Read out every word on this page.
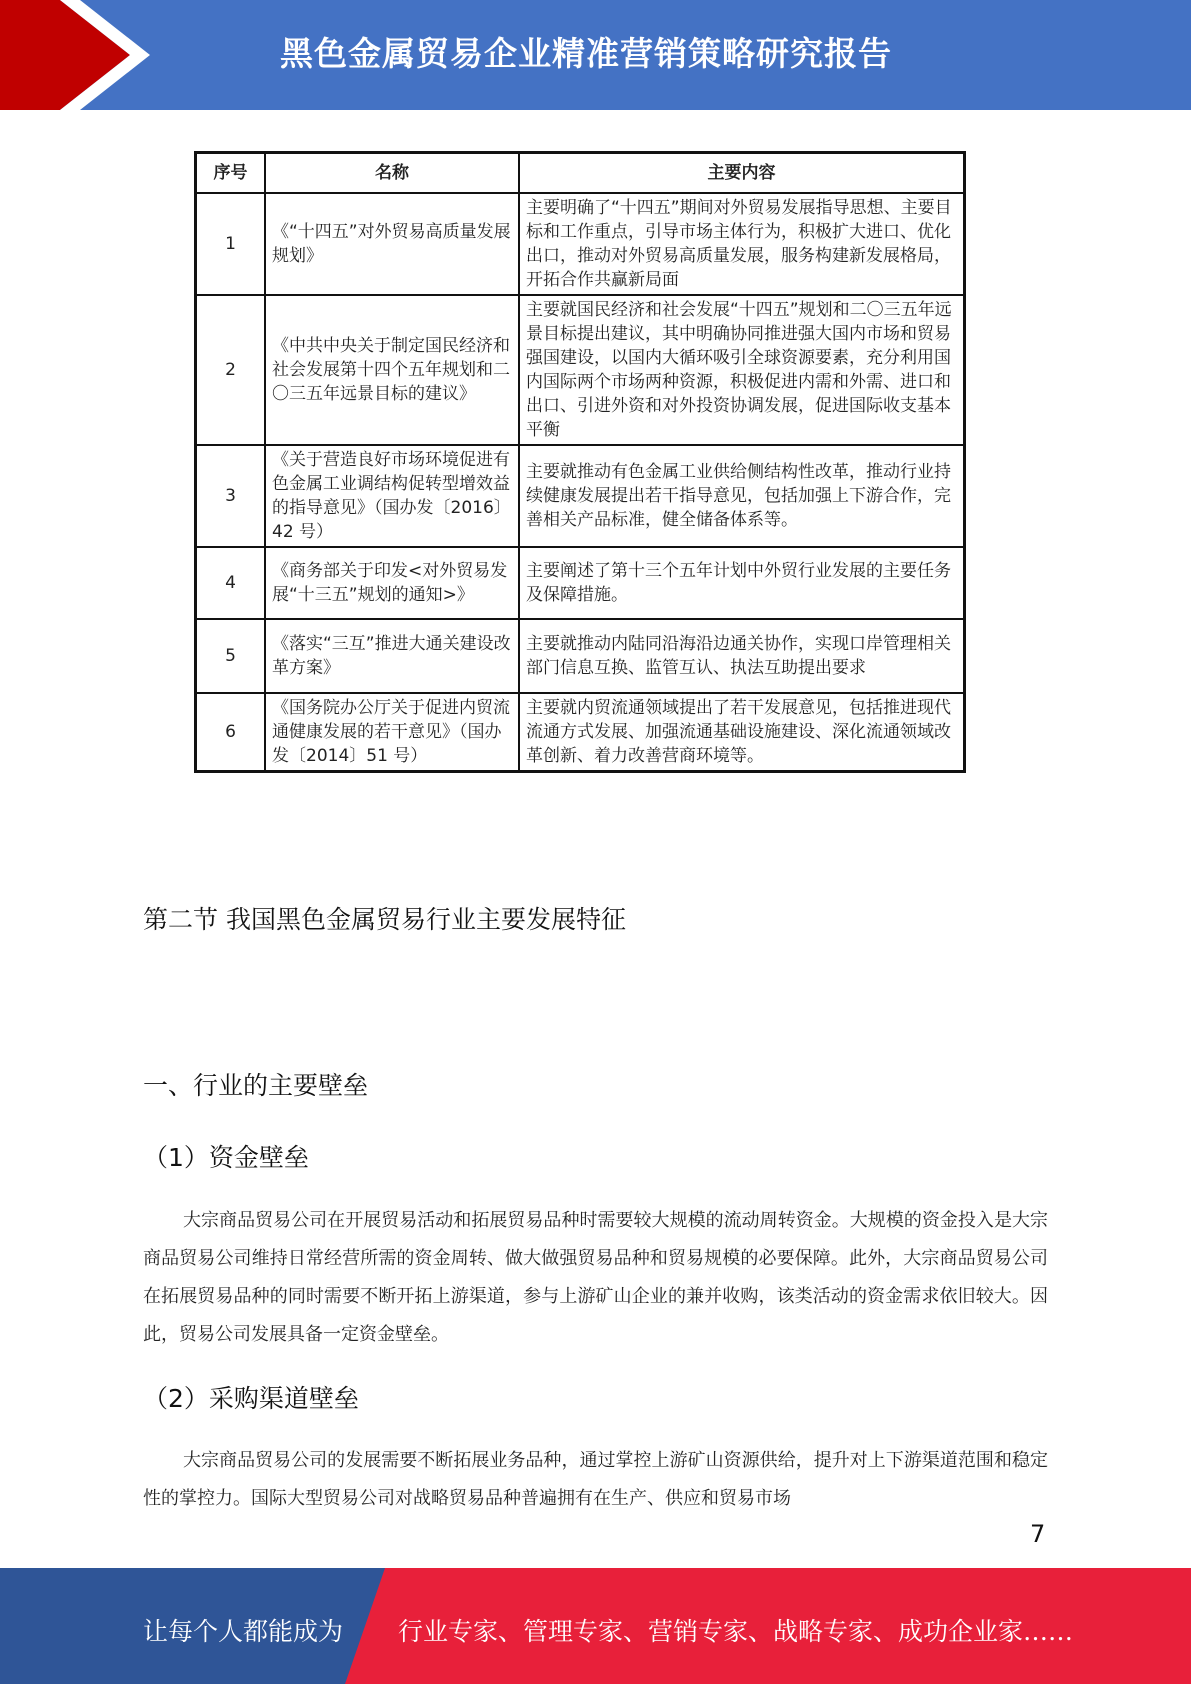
黑色金属贸易企业精准营销策略研究报告
序号	名称	主要内容
1	《“十四五”对外贸易高质量发展规划》	主要明确了“十四五”期间对外贸易发展指导思想、主要目标和工作重点，引导市场主体行为，积极扩大进口、优化出口，推动对外贸易高质量发展，服务构建新发展格局，开拓合作共赢新局面
2	《中共中央关于制定国民经济和社会发展第十四个五年规划和二〇三五年远景目标的建议》	主要就国民经济和社会发展“十四五”规划和二〇三五年远景目标提出建议，其中明确协同推进强大国内市场和贸易强国建设，以国内大循环吸引全球资源要素，充分利用国内国际两个市场两种资源，积极促进内需和外需、进口和出口、引进外资和对外投资协调发展，促进国际收支基本平衡
3	《关于营造良好市场环境促进有色金属工业调结构促转型增效益的指导意见》（国办发〔2016〕42 号）	主要就推动有色金属工业供给侧结构性改革，推动行业持续健康发展提出若干指导意见，包括加强上下游合作，完善相关产品标准，健全储备体系等。
4	《商务部关于印发<对外贸易发展“十三五”规划的通知>》	主要阐述了第十三个五年计划中外贸行业发展的主要任务及保障措施。
5	《落实“三互”推进大通关建设改革方案》	主要就推动内陆同沿海沿边通关协作，实现口岸管理相关部门信息互换、监管互认、执法互助提出要求
6	《国务院办公厅关于促进内贸流通健康发展的若干意见》（国办发〔2014〕51 号）	主要就内贸流通领域提出了若干发展意见，包括推进现代流通方式发展、加强流通基础设施建设、深化流通领域改革创新、着力改善营商环境等。
第二节 我国黑色金属贸易行业主要发展特征
一、行业的主要壁垒
（1）资金壁垒

大宗商品贸易公司在开展贸易活动和拓展贸易品种时需要较大规模的流动周转资金。大规模的资金投入是大宗商品贸易公司维持日常经营所需的资金周转、做大做强贸易品种和贸易规模的必要保障。此外，大宗商品贸易公司在拓展贸易品种的同时需要不断开拓上游渠道，参与上游矿山企业的兼并收购，该类活动的资金需求依旧较大。因此，贸易公司发展具备一定资金壁垒。

（2）采购渠道壁垒

大宗商品贸易公司的发展需要不断拓展业务品种，通过掌控上游矿山资源供给，提升对上下游渠道范围和稳定性的掌控力。国际大型贸易公司对战略贸易品种普遍拥有在生产、供应和贸易市场

7
让每个人都能成为 行业专家、管理专家、营销专家、战略专家、成功企业家……
